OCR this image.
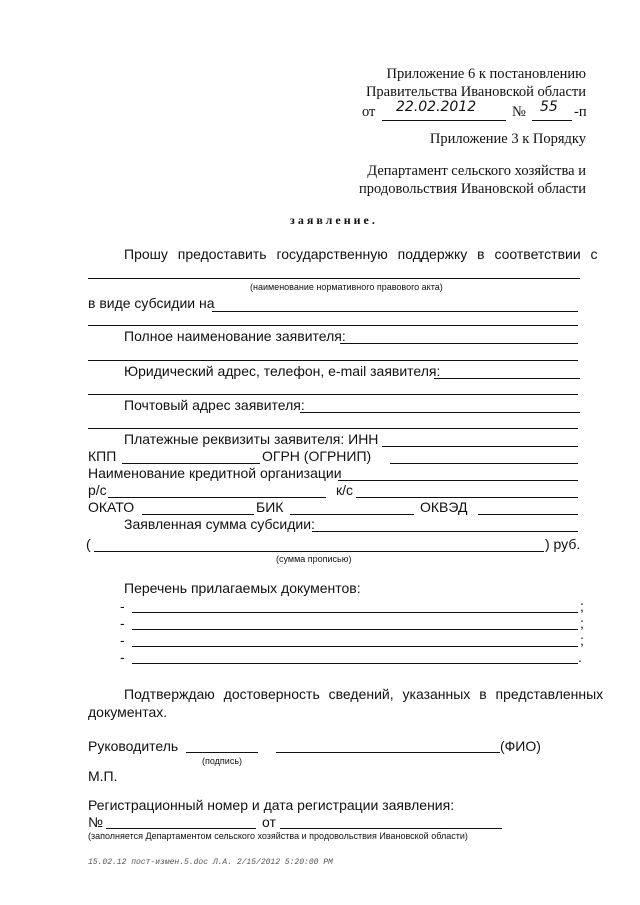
Приложение 6 к постановлению
Правительства Ивановской области
от 22.02.2012 № 55 -п
Приложение 3 к Порядку
Департамент сельского хозяйства и
продовольствия Ивановской области
заявление.
Прошу предоставить государственную поддержку в соответствии с
(наименование нормативного правового акта)
в виде субсидии на
Полное наименование заявителя:
Юридический адрес, телефон, e-mail заявителя:
Почтовый адрес заявителя:
Платежные реквизиты заявителя: ИНН
КПП	ОГРН (ОГРНИП)
Наименование кредитной организации
р/с	к/с
ОКАТО	БИК	ОКВЭД
Заявленная сумма субсидии:
(	) руб.
(сумма прописью)
Перечень прилагаемых документов:
-	;
-	;
-	;
-	.
Подтверждаю достоверность сведений, указанных в представленных
документах.
Руководитель	(ФИО)
(подпись)
М.П.
Регистрационный номер и дата регистрации заявления:
№	от
(заполняется Департаментом сельского хозяйства и продовольствия Ивановской области)
15.02.12 пост-измен.5.doc Л.А. 2/15/2012 5:20:00 PM
